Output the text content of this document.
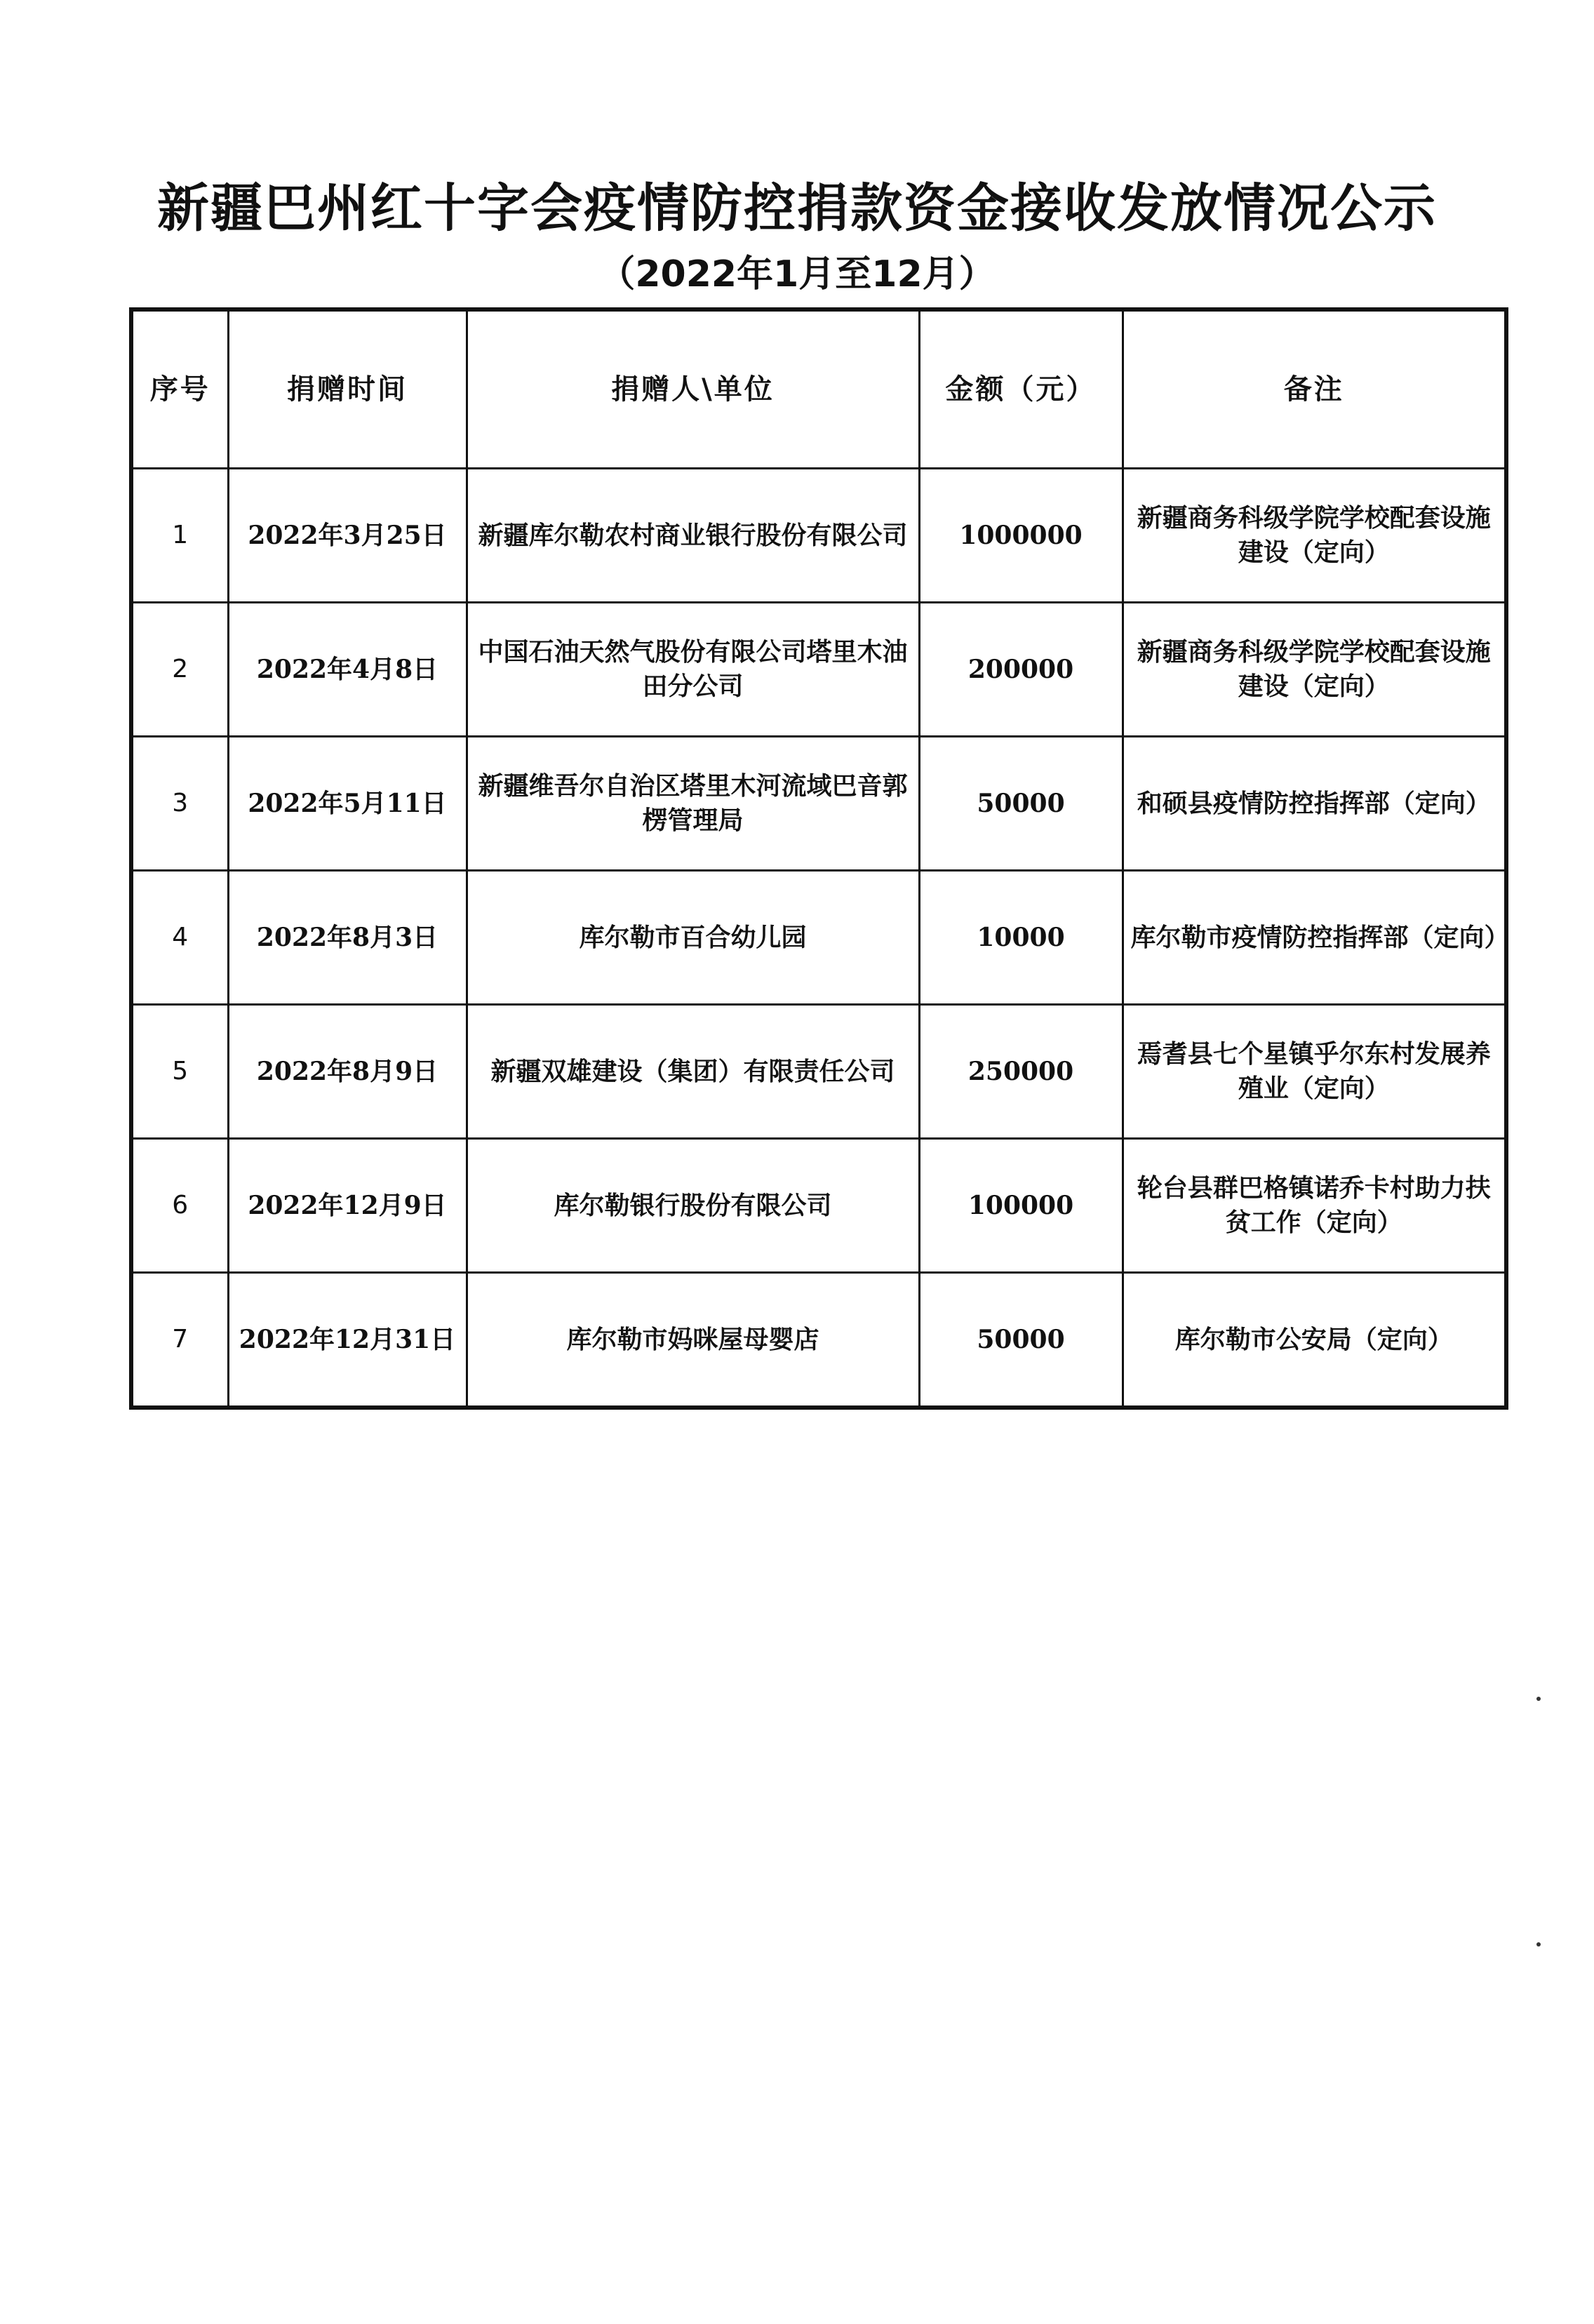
新疆巴州红十字会疫情防控捐款资金接收发放情况公示
（2022年1月至12月）
序号	捐赠时间	捐赠人\单位	金额（元）	备注
1	2022年3月25日	新疆库尔勒农村商业银行股份有限公司	1000000	新疆商务科级学院学校配套设施建设（定向）
2	2022年4月8日	中国石油天然气股份有限公司塔里木油田分公司	200000	新疆商务科级学院学校配套设施建设（定向）
3	2022年5月11日	新疆维吾尔自治区塔里木河流域巴音郭楞管理局	50000	和硕县疫情防控指挥部（定向）
4	2022年8月3日	库尔勒市百合幼儿园	10000	库尔勒市疫情防控指挥部（定向）
5	2022年8月9日	新疆双雄建设（集团）有限责任公司	250000	焉耆县七个星镇乎尔东村发展养殖业（定向）
6	2022年12月9日	库尔勒银行股份有限公司	100000	轮台县群巴格镇诺乔卡村助力扶贫工作（定向）
7	2022年12月31日	库尔勒市妈咪屋母婴店	50000	库尔勒市公安局（定向）
